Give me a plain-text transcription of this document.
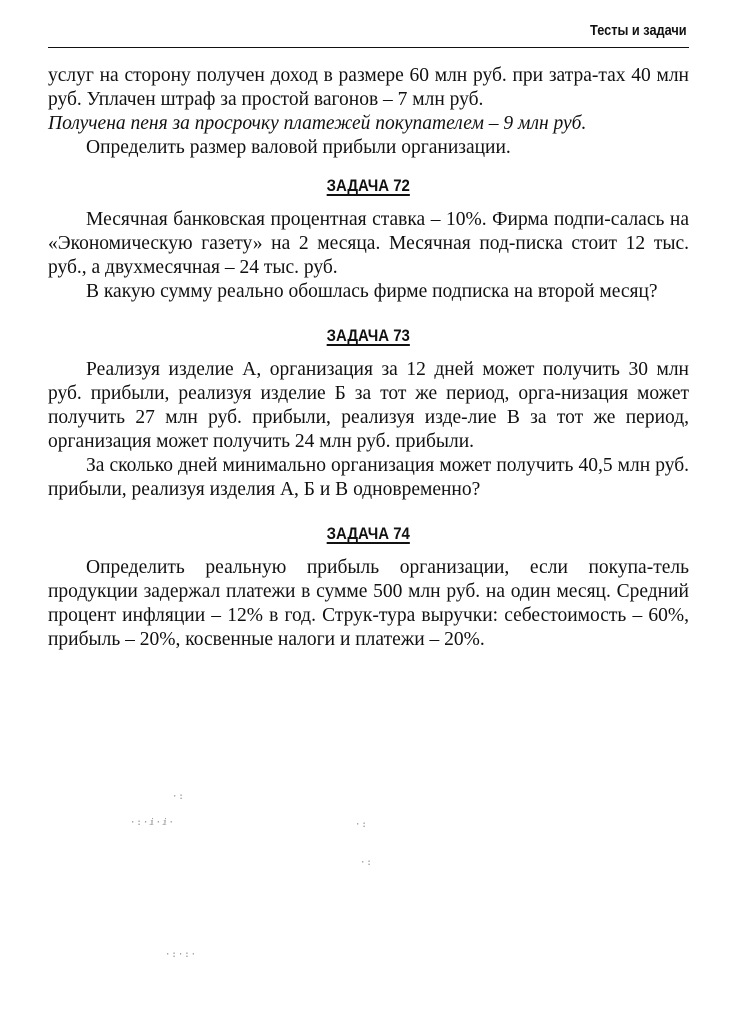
Тесты и задачи

услуг на сторону получен доход в размере 60 млн руб. при затра-тах 40 млн руб. Уплачен штраф за простой вагонов – 7 млн руб.

Получена пеня за просрочку платежей покупателем – 9 млн руб.

Определить размер валовой прибыли организации.

ЗАДАЧА 72

Месячная банковская процентная ставка – 10%. Фирма подпи-салась на «Экономическую газету» на 2 месяца. Месячная под-писка стоит 12 тыс. руб., а двухмесячная – 24 тыс. руб.

В какую сумму реально обошлась фирме подписка на второй месяц?

ЗАДАЧА 73

Реализуя изделие А, организация за 12 дней может получить 30 млн руб. прибыли, реализуя изделие Б за тот же период, орга-низация может получить 27 млн руб. прибыли, реализуя изде-лие В за тот же период, организация может получить 24 млн руб. прибыли.

За сколько дней минимально организация может получить 40,5 млн руб. прибыли, реализуя изделия А, Б и В одновременно?

ЗАДАЧА 74

Определить реальную прибыль организации, если покупа-тель продукции задержал платежи в сумме 500 млн руб. на один месяц. Средний процент инфляции – 12% в год. Струк-тура выручки: себестоимость – 60%, прибыль – 20%, косвенные налоги и платежи – 20%.

·:
·:·ⅈ·ⅈ·	·:
·:
·:·:·
